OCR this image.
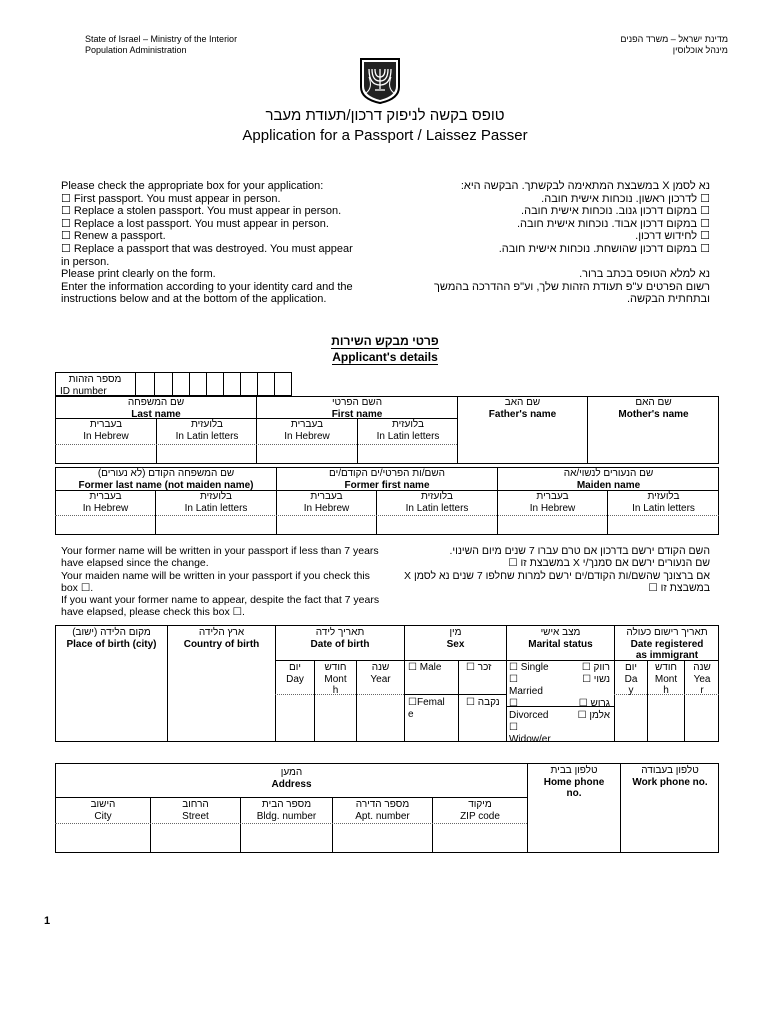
State of Israel – Ministry of the Interior
Population Administration
מדינת ישראל – משרד הפנים
מינהל אוכלוסין
טופס בקשה לניפוק דרכון/תעודת מעבר
Application for a Passport / Laissez Passer
Please check the appropriate box for your application:
☐ First passport. You must appear in person.
☐ Replace a stolen passport. You must appear in person.
☐ Replace a lost passport. You must appear in person.
☐ Renew a passport.
☐ Replace a passport that was destroyed. You must appear
in person.
Please print clearly on the form.
Enter the information according to your identity card and the
instructions below and at the bottom of the application.
נא לסמן X במשבצת המתאימה לבקשתך. הבקשה היא:
☐ לדרכון ראשון. נוכחות אישית חובה.
☐ במקום דרכון גנוב. נוכחות אישית חובה.
☐ במקום דרכון אבוד. נוכחות אישית חובה.
☐ לחידוש דרכון.
☐ במקום דרכון שהושחת. נוכחות אישית חובה.
נא למלא הטופס בכתב ברור.
רשום הפרטים ע"פ תעודת הזהות שלך, וע"פ ההדרכה בהמשך
ובתחתית הבקשה.
פרטי מבקש השירות
Applicant's details
מספר הזהות
ID number
שם המשפחה
Last name
השם הפרטי
First name
שם האב
Father's name
שם האם
Mother's name
בעברית
In Hebrew
בלועזית
In Latin letters
בעברית
In Hebrew
בלועזית
In Latin letters
שם המשפחה הקודם (לא נעורים)
Former last name (not maiden name)
השם/ות הפרטי/ים הקודם/ים
Former first name
שם הנעורים לנשוי/אה
Maiden name
בעברית
In Hebrew
בלועזית
In Latin letters
בעברית
In Hebrew
בלועזית
In Latin letters
בעברית
In Hebrew
בלועזית
In Latin letters
Your former name will be written in your passport if less than 7 years
have elapsed since the change.
Your maiden name will be written in your passport if you check this
box ☐.
If you want your former name to appear, despite the fact that 7 years
have elapsed, please check this box ☐.
השם הקודם ירשם בדרכון אם טרם עברו 7 שנים מיום השינוי.
שם הנעורים ירשם אם סמנך/י X במשבצת זו ☐
אם ברצונך שהשם/ות הקודם/ים ירשם למרות שחלפו 7 שנים נא לסמן X
במשבצת זו ☐
מקום הלידה (ישוב)
Place of birth (city)
ארץ הלידה
Country of birth
תאריך לידה
Date of birth
מין
Sex
מצב אישי
Marital status
תאריך רישום כעולה
Date registered
as immigrant
יום
Day
חודש
Mont
h
שנה
Year
☐ Male זכר ☐
☐Femal
e
נקבה ☐
☐ Single
☐
Married
☐
Divorced
☐
Widow/er
רווק ☐
נשוי ☐
גרוש ☐
אלמן ☐
יום
Da
y
חודש
Mont
h
שנה
Yea
r
המען
Address
טלפון בבית
Home phone
no.
טלפון בעבודה
Work phone no.
הישוב
City
הרחוב
Street
מספר הבית
Bldg. number
מספר הדירה
Apt. number
מיקוד
ZIP code
1
